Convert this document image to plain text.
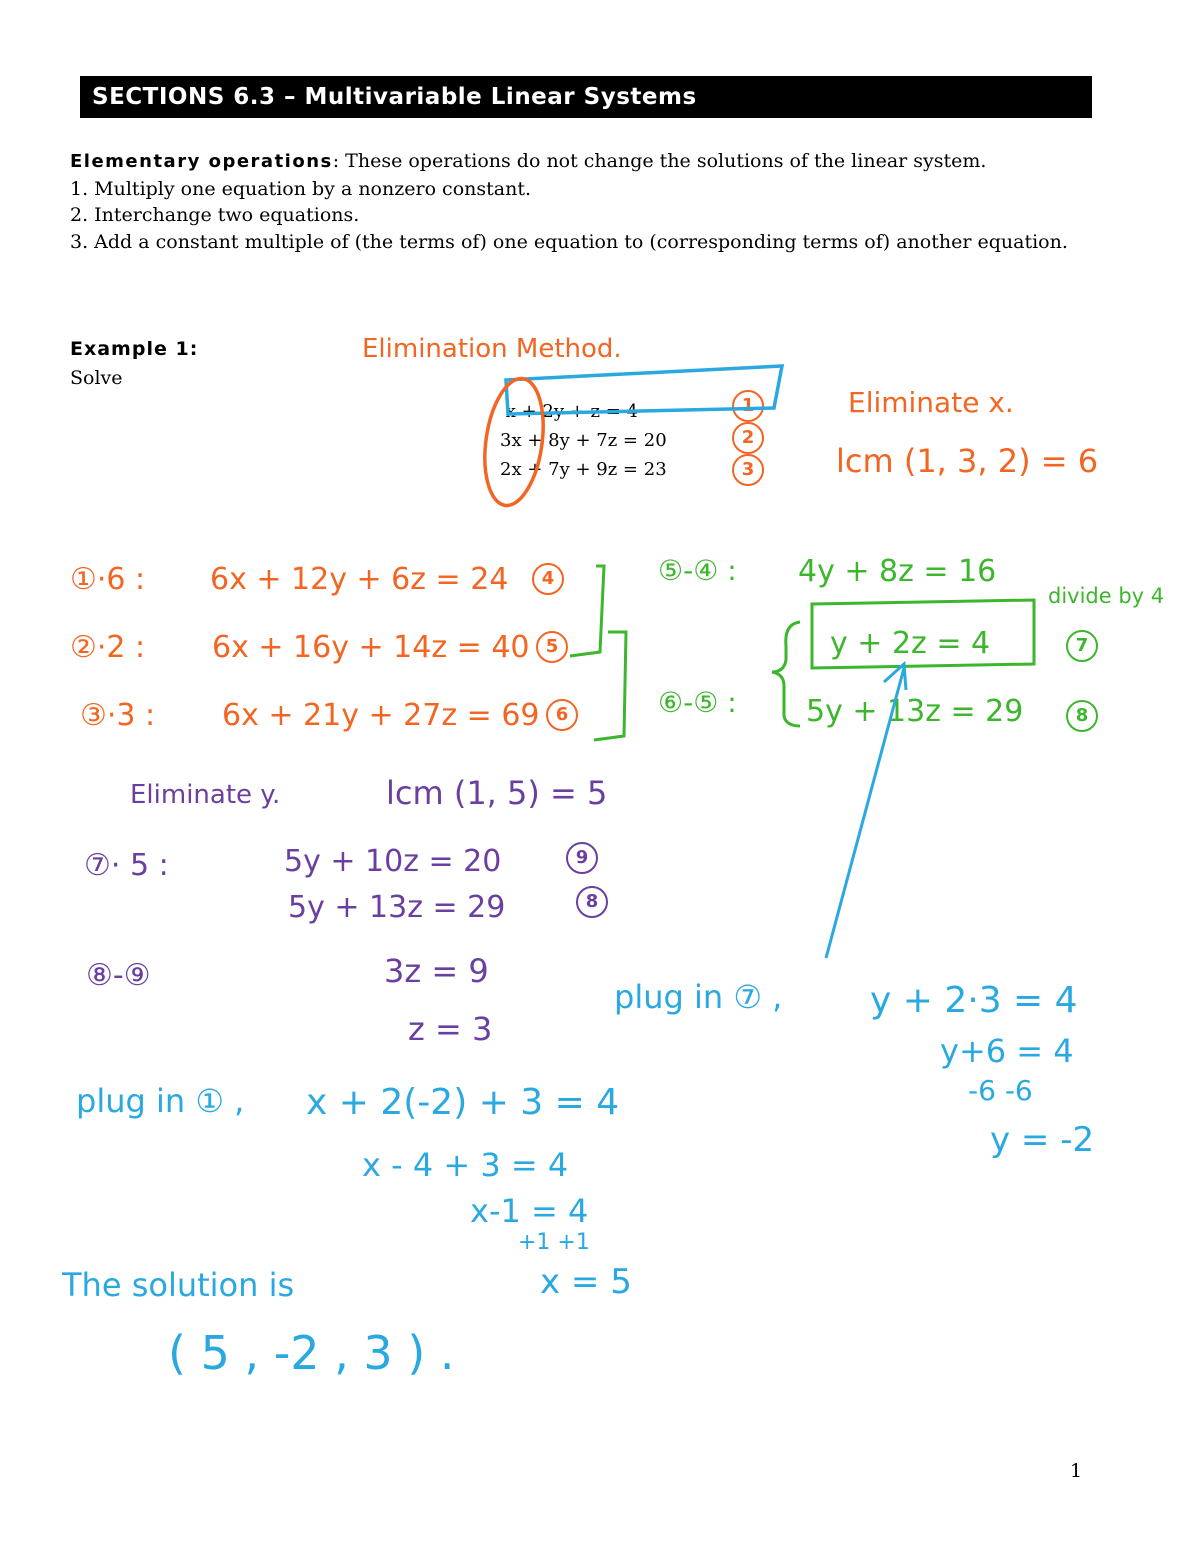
SECTIONS 6.3 – Multivariable Linear Systems

Elementary operations: These operations do not change the solutions of the linear system.

1. Multiply one equation by a nonzero constant.

2. Interchange two equations.

3. Add a constant multiple of (the terms of) one equation to (corresponding terms of) another equation.

Example 1:
Solve
x + 2y + z = 4
3x + 8y + 7z = 20
2x + 7y + 9z = 23
1
2
3
Elimination Method.
Eliminate x.
lcm (1, 3, 2) = 6
①·6 : 6x + 12y + 6z = 24	4
②·2 : 6x + 16y + 14z = 40 5
③·3 : 6x + 21y + 27z = 69 6
⑤-④ : 4y + 8z = 16
divide by 4
⑥-⑤ :
y + 2z = 4	7
5y + 13z = 29	8
Eliminate y.	lcm (1, 5) = 5
⑦· 5 :	5y + 10z = 20	9
5y + 13z = 29	8
⑧-⑨	3z = 9
z = 3
plug in ⑦ , y + 2·3 = 4
y+6 = 4
-6 -6
y = -2
plug in ① , x + 2(-2) + 3 = 4
x - 4 + 3 = 4
x-1 = 4
+1 +1
x = 5
The solution is
( 5 , -2 , 3 ) .
1
